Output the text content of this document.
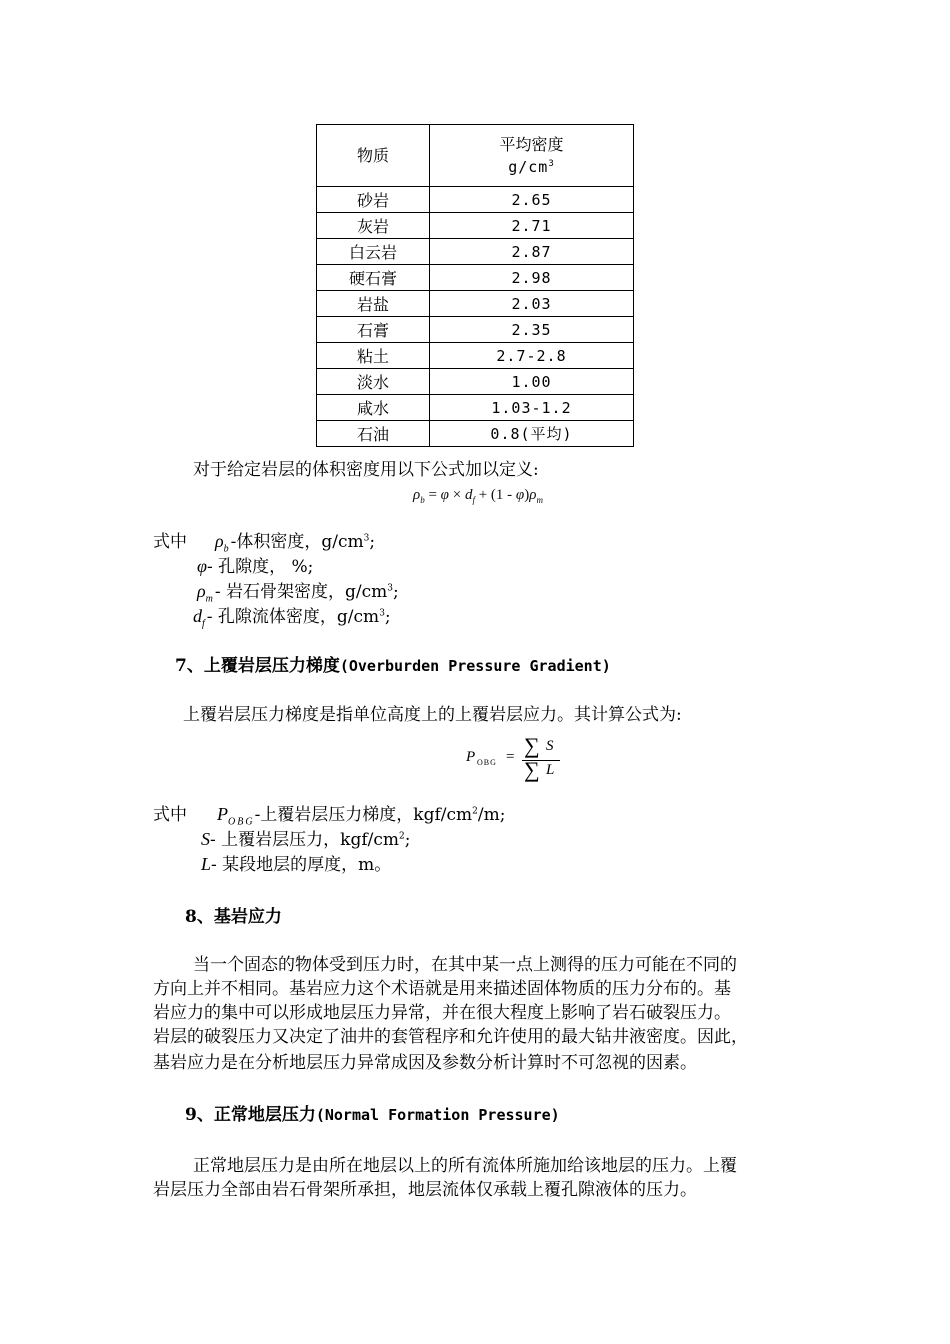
物质	平均密度
$g/cm^3$

砂岩	2.65
灰岩	2.71
白云岩	2.87
硬石膏	2.98
岩盐	2.03
石膏	2.35
粘土	2.7-2.8
淡水	1.00
咸水	1.03-1.2
石油	0.8(平均)
对于给定岩层的体积密度用以下公式加以定义:
$\rho_b = \varphi \times d_f + (1 - \varphi)\rho_m$
式中 $\rho_b-$体积密度，$g/cm^3$;
φ- 孔隙度， %;
$\rho_m-$ 岩石骨架密度，$g/cm^3$;
$d_f-$ 孔隙流体密度，$g/cm^3$;
7、上覆岩层压力梯度(Overburden Pressure Gradient)
上覆岩层压力梯度是指单位高度上的上覆岩层应力。其计算公式为:
P OBG = ∑ S
∑ L
式中 $P_{OBG}-$上覆岩层压力梯度，kgf/$cm^2/m$;
S- 上覆岩层压力，kgf/$cm^2$;
L- 某段地层的厚度，m。
8、基岩应力
当一个固态的物体受到压力时，在其中某一点上测得的压力可能在不同的
方向上并不相同。基岩应力这个术语就是用来描述固体物质的压力分布的。基
岩应力的集中可以形成地层压力异常，并在很大程度上影响了岩石破裂压力。
岩层的破裂压力又决定了油井的套管程序和允许使用的最大钻井液密度。因此，
基岩应力是在分析地层压力异常成因及参数分析计算时不可忽视的因素。
9、正常地层压力(Normal Formation Pressure)
正常地层压力是由所在地层以上的所有流体所施加给该地层的压力。上覆
岩层压力全部由岩石骨架所承担，地层流体仅承载上覆孔隙液体的压力。
